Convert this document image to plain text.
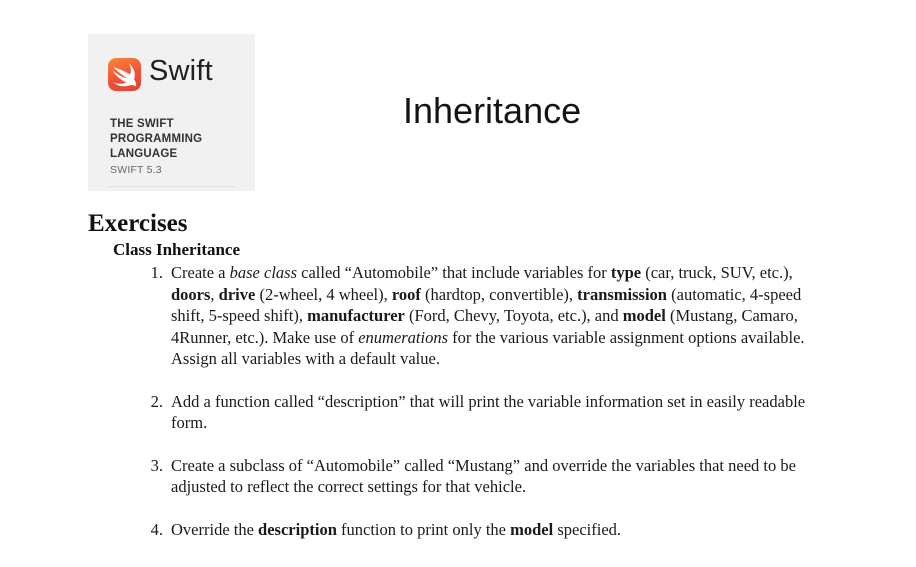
Swift
THE SWIFT
PROGRAMMING
LANGUAGE
SWIFT 5.3
Inheritance
Exercises
Class Inheritance
1. Create a base class called “Automobile” that include variables for type (car, truck, SUV, etc.), doors, drive (2-wheel, 4 wheel), roof (hardtop, convertible), transmission (automatic, 4-speed shift, 5-speed shift), manufacturer (Ford, Chevy, Toyota, etc.), and model (Mustang, Camaro, 4Runner, etc.). Make use of enumerations for the various variable assignment options available. Assign all variables with a default value.
2. Add a function called “description” that will print the variable information set in easily readable form.
3. Create a subclass of “Automobile” called “Mustang” and override the variables that need to be adjusted to reflect the correct settings for that vehicle.
4. Override the description function to print only the model specified.
